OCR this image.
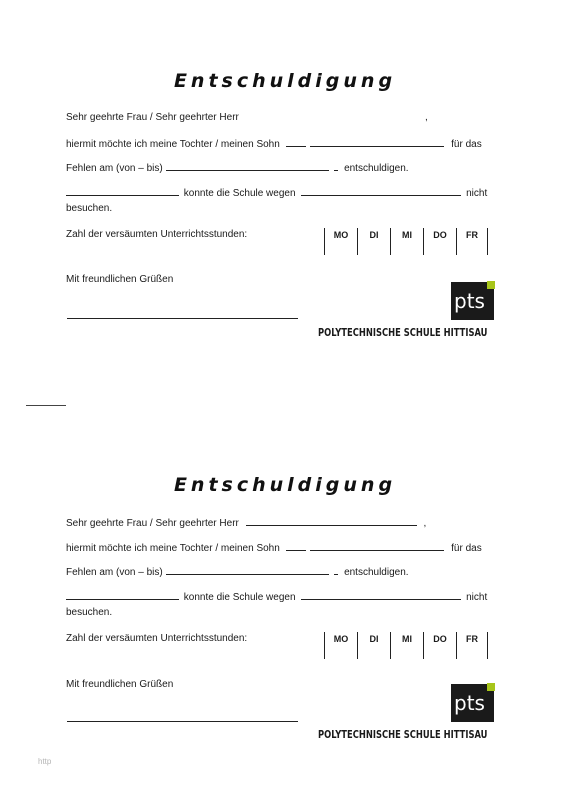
Entschuldigung
Sehr geehrte Frau / Sehr geehrter Herr	,
hiermit möchte ich meine Tochter / meinen Sohn	für das
Fehlen am (von – bis)	entschuldigen.
konnte die Schule wegen	nicht
besuchen.
Zahl der versäumten Unterrichtsstunden:	MO	DI	MI	DO	FR
Mit freundlichen Grüßen
pts
POLYTECHNISCHE SCHULE HITTISAU
Entschuldigung
Sehr geehrte Frau / Sehr geehrter Herr	,
hiermit möchte ich meine Tochter / meinen Sohn	für das
Fehlen am (von – bis)	entschuldigen.
konnte die Schule wegen	nicht
besuchen.
Zahl der versäumten Unterrichtsstunden:	MO	DI	MI	DO	FR
Mit freundlichen Grüßen
pts
POLYTECHNISCHE SCHULE HITTISAU
http
